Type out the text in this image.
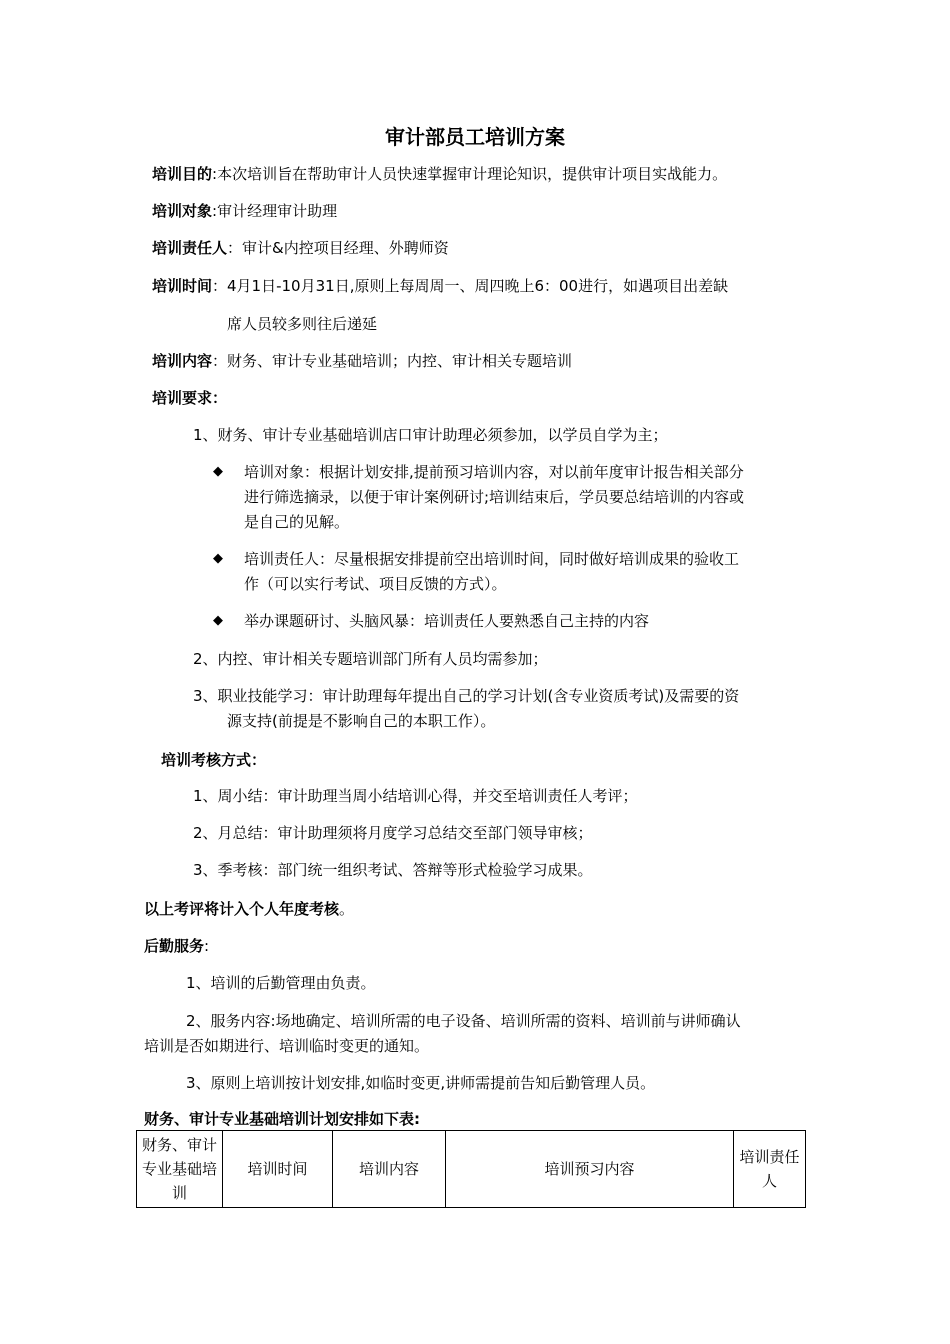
审计部员工培训方案
培训目的:本次培训旨在帮助审计人员快速掌握审计理论知识，提供审计项目实战能力。
培训对象:审计经理审计助理
培训责任人：审计&内控项目经理、外聘师资
培训时间：4月1日-10月31日,原则上每周周一、周四晚上6：00进行，如遇项目出差缺
席人员较多则往后递延
培训内容：财务、审计专业基础培训；内控、审计相关专题培训
培训要求：
1、财务、审计专业基础培训店口审计助理必须参加，以学员自学为主；
◆ 培训对象：根据计划安排,提前预习培训内容，对以前年度审计报告相关部分
进行筛选摘录，以便于审计案例研讨;培训结束后，学员要总结培训的内容或
是自己的见解。
◆ 培训责任人：尽量根据安排提前空出培训时间，同时做好培训成果的验收工
作（可以实行考试、项目反馈的方式）。
◆ 举办课题研讨、头脑风暴：培训责任人要熟悉自己主持的内容
2、内控、审计相关专题培训部门所有人员均需参加；
3、职业技能学习：审计助理每年提出自己的学习计划(含专业资质考试)及需要的资
源支持(前提是不影响自己的本职工作）。
培训考核方式：
1、周小结：审计助理当周小结培训心得，并交至培训责任人考评；
2、月总结：审计助理须将月度学习总结交至部门领导审核；
3、季考核：部门统一组织考试、答辩等形式检验学习成果。
以上考评将计入个人年度考核。
后勤服务:
1、培训的后勤管理由负责。
2、服务内容:场地确定、培训所需的电子设备、培训所需的资料、培训前与讲师确认
培训是否如期进行、培训临时变更的通知。
3、原则上培训按计划安排,如临时变更,讲师需提前告知后勤管理人员。
财务、审计专业基础培训计划安排如下表:
财务、审计专业基础培训	培训时间	培训内容	培训预习内容	培训责任人
